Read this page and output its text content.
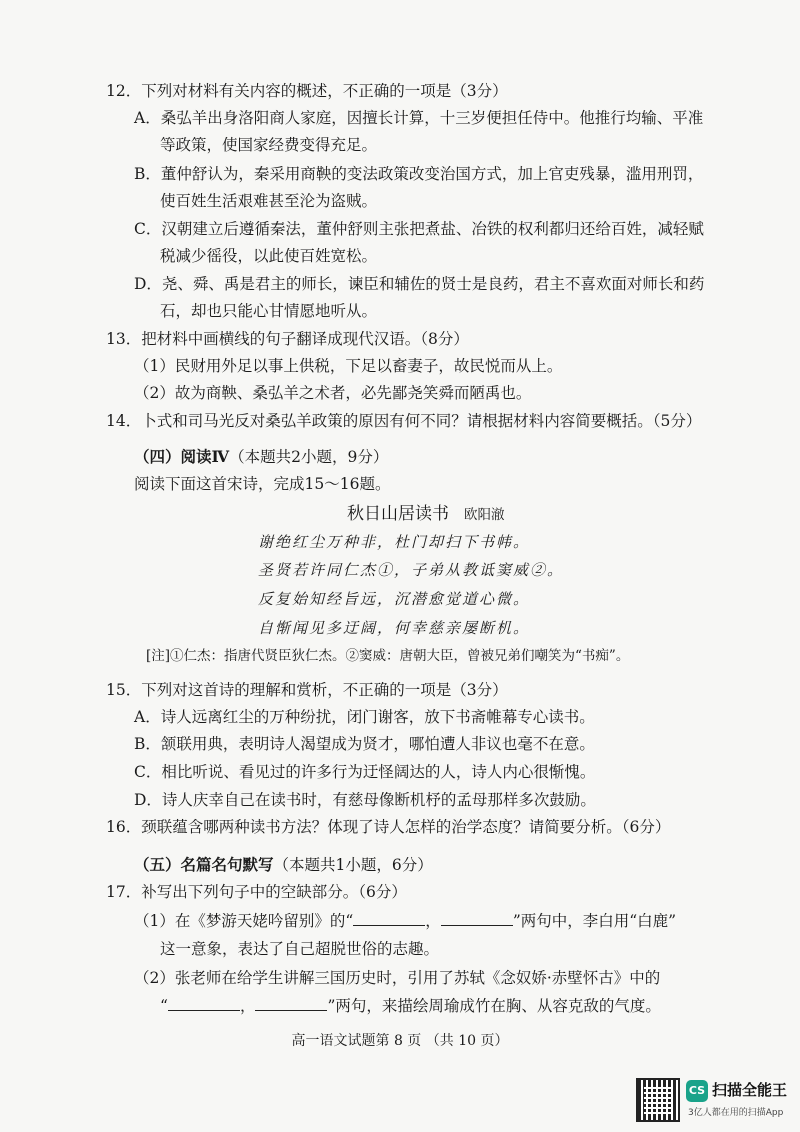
12．下列对材料有关内容的概述，不正确的一项是（3分）
A．桑弘羊出身洛阳商人家庭，因擅长计算，十三岁便担任侍中。他推行均输、平准
等政策，使国家经费变得充足。
B．董仲舒认为，秦采用商鞅的变法政策改变治国方式，加上官吏残暴，滥用刑罚，
使百姓生活艰难甚至沦为盗贼。
C．汉朝建立后遵循秦法，董仲舒则主张把煮盐、冶铁的权利都归还给百姓，减轻赋
税减少徭役，以此使百姓宽松。
D．尧、舜、禹是君主的师长，谏臣和辅佐的贤士是良药，君主不喜欢面对师长和药
石，却也只能心甘情愿地听从。
13．把材料中画横线的句子翻译成现代汉语。（8分）
（1）民财用外足以事上供税，下足以畜妻子，故民悦而从上。
（2）故为商鞅、桑弘羊之术者，必先鄙尧笑舜而陋禹也。
14．卜式和司马光反对桑弘羊政策的原因有何不同？请根据材料内容简要概括。（5分）
（四）阅读Ⅳ（本题共2小题，9分）
阅读下面这首宋诗，完成15～16题。
秋日山居读书 欧阳澈
谢绝红尘万种非，杜门却扫下书帏。
圣贤若许同仁杰①，子弟从教诋窦威②。
反复始知经旨远，沉潜愈觉道心微。
自惭闻见多迂阔，何幸慈亲屡断机。
[注]①仁杰：指唐代贤臣狄仁杰。②窦威：唐朝大臣，曾被兄弟们嘲笑为“书痴”。
15．下列对这首诗的理解和赏析，不正确的一项是（3分）
A．诗人远离红尘的万种纷扰，闭门谢客，放下书斋帷幕专心读书。
B．颔联用典，表明诗人渴望成为贤才，哪怕遭人非议也毫不在意。
C．相比听说、看见过的许多行为迂怪阔达的人，诗人内心很惭愧。
D．诗人庆幸自己在读书时，有慈母像断机杼的孟母那样多次鼓励。
16．颈联蕴含哪两种读书方法？体现了诗人怎样的治学态度？请简要分析。（6分）
（五）名篇名句默写（本题共1小题，6分）
17．补写出下列句子中的空缺部分。（6分）
（1）在《梦游天姥吟留别》的“	，	”两句中，李白用“白鹿”
这一意象，表达了自己超脱世俗的志趣。
（2）张老师在给学生讲解三国历史时，引用了苏轼《念奴娇·赤壁怀古》中的
“	，	”两句，来描绘周瑜成竹在胸、从容克敌的气度。
高一语文试题第 8 页 （共 10 页）
CS 扫描全能王
3亿人都在用的扫描App
